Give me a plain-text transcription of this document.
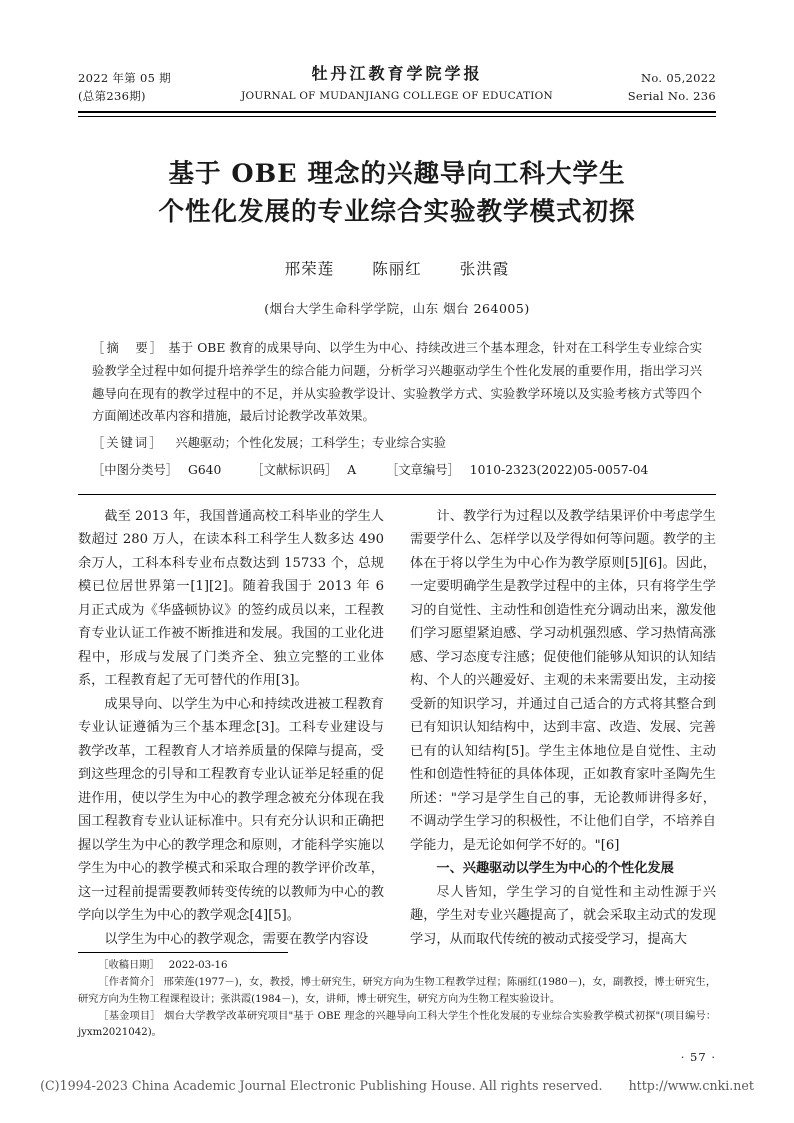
2022 年第 05 期
(总第236期)
牡丹江教育学院学报
JOURNAL OF MUDANJIANG COLLEGE OF EDUCATION
No. 05,2022
Serial No. 236
基于 OBE 理念的兴趣导向工科大学生
个性化发展的专业综合实验教学模式初探
邢荣莲 陈丽红 张洪霞
(烟台大学生命科学学院，山东 烟台 264005)
［摘　要］ 基于 OBE 教育的成果导向、以学生为中心、持续改进三个基本理念，针对在工科学生专业综合实验教学全过程中如何提升培养学生的综合能力问题，分析学习兴趣驱动学生个性化发展的重要作用，指出学习兴趣导向在现有的教学过程中的不足，并从实验教学设计、实验教学方式、实验教学环境以及实验考核方式等四个方面阐述改革内容和措施，最后讨论教学改革效果。
［关键词］ 兴趣驱动；个性化发展；工科学生；专业综合实验
［中图分类号］ G640 ［文献标识码］ A ［文章编号］ 1010-2323(2022)05-0057-04

截至 2013 年，我国普通高校工科毕业的学生人数超过 280 万人，在读本科工科学生人数多达 490 余万人，工科本科专业布点数达到 15733 个，总规模已位居世界第一[1][2]。随着我国于 2013 年 6 月正式成为《华盛顿协议》的签约成员以来，工程教育专业认证工作被不断推进和发展。我国的工业化进程中，形成与发展了门类齐全、独立完整的工业体系，工程教育起了无可替代的作用[3]。

成果导向、以学生为中心和持续改进被工程教育专业认证遵循为三个基本理念[3]。工科专业建设与教学改革，工程教育人才培养质量的保障与提高，受到这些理念的引导和工程教育专业认证举足轻重的促进作用，使以学生为中心的教学理念被充分体现在我国工程教育专业认证标准中。只有充分认识和正确把握以学生为中心的教学理念和原则，才能科学实施以学生为中心的教学模式和采取合理的教学评价改革，这一过程前提需要教师转变传统的以教师为中心的教学向以学生为中心的教学观念[4][5]。

以学生为中心的教学观念，需要在教学内容设

计、教学行为过程以及教学结果评价中考虑学生需要学什么、怎样学以及学得如何等问题。教学的主体在于将以学生为中心作为教学原则[5][6]。因此，一定要明确学生是教学过程中的主体，只有将学生学习的自觉性、主动性和创造性充分调动出来，激发他们学习愿望紧迫感、学习动机强烈感、学习热情高涨感、学习态度专注感；促使他们能够从知识的认知结构、个人的兴趣爱好、主观的未来需要出发，主动接受新的知识学习，并通过自己适合的方式将其整合到已有知识认知结构中，达到丰富、改造、发展、完善已有的认知结构[5]。学生主体地位是自觉性、主动性和创造性特征的具体体现，正如教育家叶圣陶先生所述："学习是学生自己的事，无论教师讲得多好，不调动学生学习的积极性，不让他们自学，不培养自学能力，是无论如何学不好的。"[6]

一、兴趣驱动以学生为中心的个性化发展

尽人皆知，学生学习的自觉性和主动性源于兴趣，学生对专业兴趣提高了，就会采取主动式的发现学习，从而取代传统的被动式接受学习，提高大

［收稿日期］ 2022-03-16

［作者简介］ 邢荣莲(1977－)，女，教授，博士研究生，研究方向为生物工程教学过程；陈丽红(1980－)，女，副教授，博士研究生，研究方向为生物工程课程设计；张洪霞(1984－)，女，讲师，博士研究生，研究方向为生物工程实验设计。

［基金项目］ 烟台大学教学改革研究项目"基于 OBE 理念的兴趣导向工科大学生个性化发展的专业综合实验教学模式初探"(项目编号：jyxm2021042)。

· 57 ·
(C)1994-2023 China Academic Journal Electronic Publishing House. All rights reserved. http://www.cnki.net
